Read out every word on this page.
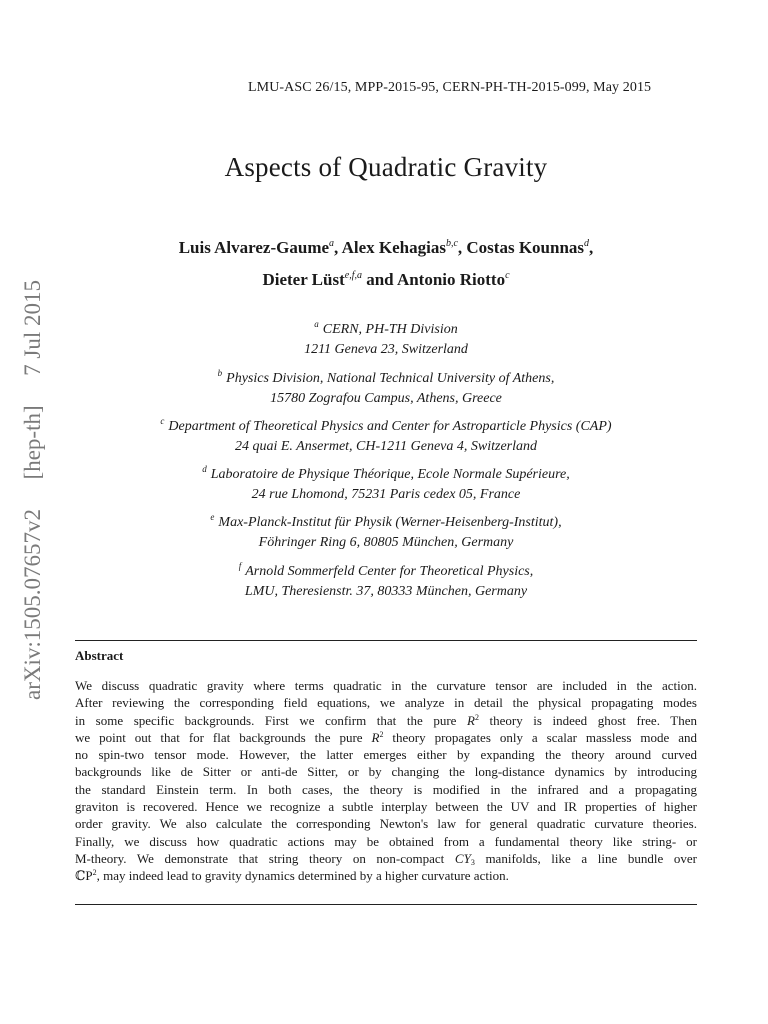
LMU-ASC 26/15, MPP-2015-95, CERN-PH-TH-2015-099, May 2015
Aspects of Quadratic Gravity
Luis Alvarez-Gaume$^a$, Alex Kehagias$^{b,c}$, Costas Kounnas$^d$,
Dieter Lüst$^{e,f,a}$ and Antonio Riotto$^c$
$^a$ CERN, PH-TH Division
1211 Geneva 23, Switzerland
$^b$ Physics Division, National Technical University of Athens,
15780 Zografou Campus, Athens, Greece
$^c$ Department of Theoretical Physics and Center for Astroparticle Physics (CAP)
24 quai E. Ansermet, CH-1211 Geneva 4, Switzerland
$^d$ Laboratoire de Physique Théorique, Ecole Normale Supérieure,
24 rue Lhomond, 75231 Paris cedex 05, France
$^e$ Max-Planck-Institut für Physik (Werner-Heisenberg-Institut),
Föhringer Ring 6, 80805 München, Germany
$^f$ Arnold Sommerfeld Center for Theoretical Physics,
LMU, Theresienstr. 37, 80333 München, Germany
arXiv:1505.07657v2
[hep-th]
7 Jul 2015
Abstract
We discuss quadratic gravity where terms quadratic in the curvature tensor are included in the action.
After reviewing the corresponding field equations, we analyze in detail the physical propagating modes
in some specific backgrounds. First we confirm that the pure $R^2$ theory is indeed ghost free. Then
we point out that for flat backgrounds the pure $R^2$ theory propagates only a scalar massless mode and
no spin-two tensor mode. However, the latter emerges either by expanding the theory around curved
backgrounds like de Sitter or anti-de Sitter, or by changing the long-distance dynamics by introducing
the standard Einstein term. In both cases, the theory is modified in the infrared and a propagating
graviton is recovered. Hence we recognize a subtle interplay between the UV and IR properties of higher
order gravity. We also calculate the corresponding Newton's law for general quadratic curvature theories.
Finally, we discuss how quadratic actions may be obtained from a fundamental theory like string- or
M-theory. We demonstrate that string theory on non-compact $CY_3$ manifolds, like a line bundle over
ℂP$^2$, may indeed lead to gravity dynamics determined by a higher curvature action.
